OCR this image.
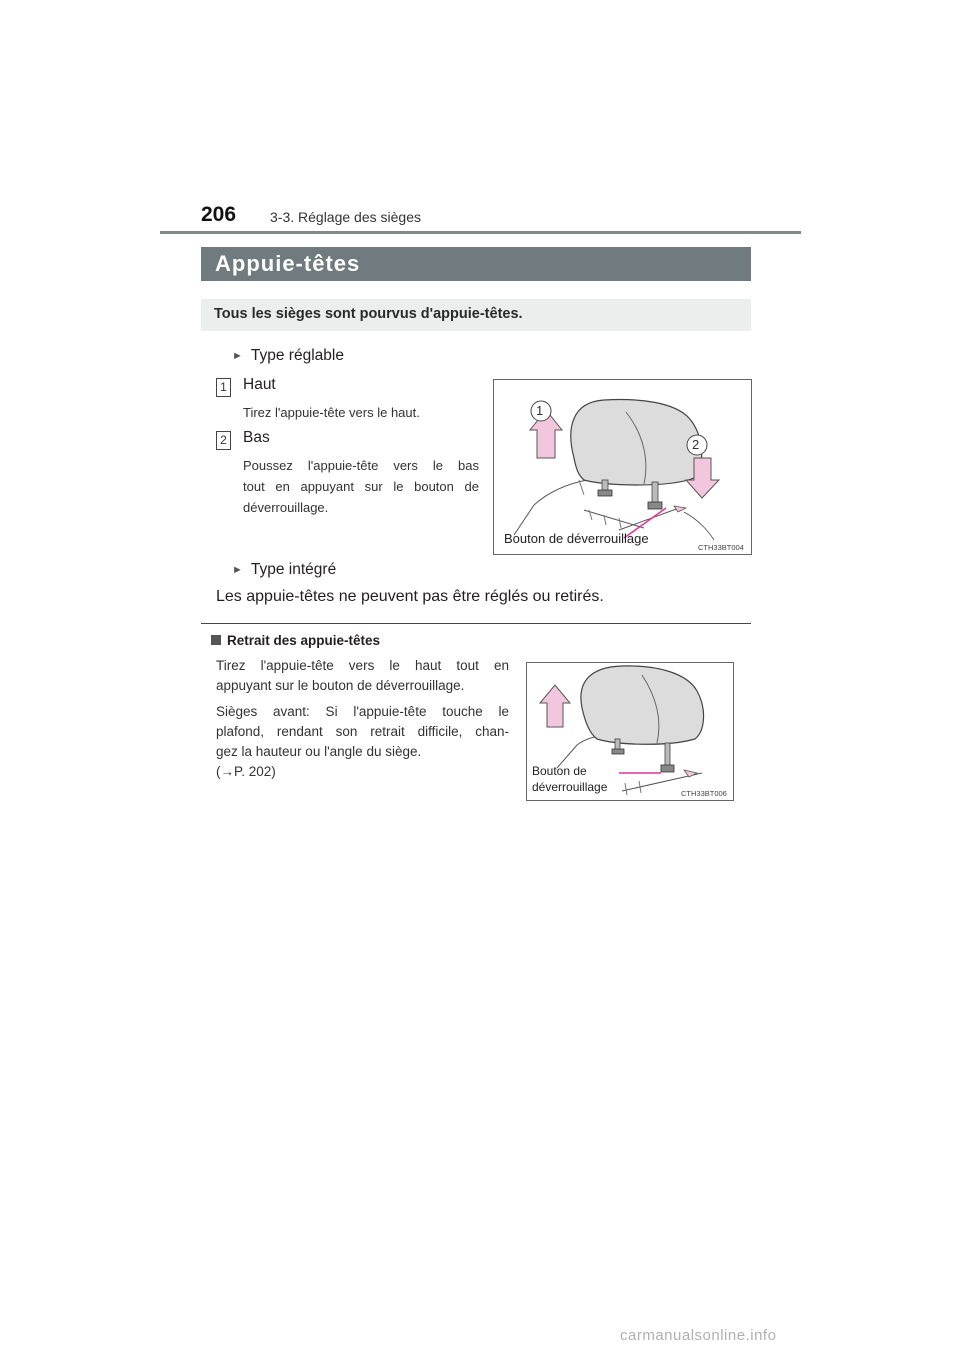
206 3-3. Réglage des sièges
Appuie-têtes
Tous les sièges sont pourvus d'appuie-têtes.
► Type réglable
1 Haut
Tirez l'appuie-tête vers le haut.
2 Bas
Poussez l'appuie-tête vers le bas
tout en appuyant sur le bouton de
déverrouillage.
1
2
Bouton de déverrouillage
CTH33BT004
► Type intégré
Les appuie-têtes ne peuvent pas être réglés ou retirés.
Retrait des appuie-têtes
Tirez l'appuie-tête vers le haut tout en
appuyant sur le bouton de déverrouillage.
Sièges avant: Si l'appuie-tête touche le
plafond, rendant son retrait difficile, chan-
gez la hauteur ou l'angle du siège.
(→P. 202)	Bouton de
déverrouillage	CTH33BT006
carmanualsonline.info
